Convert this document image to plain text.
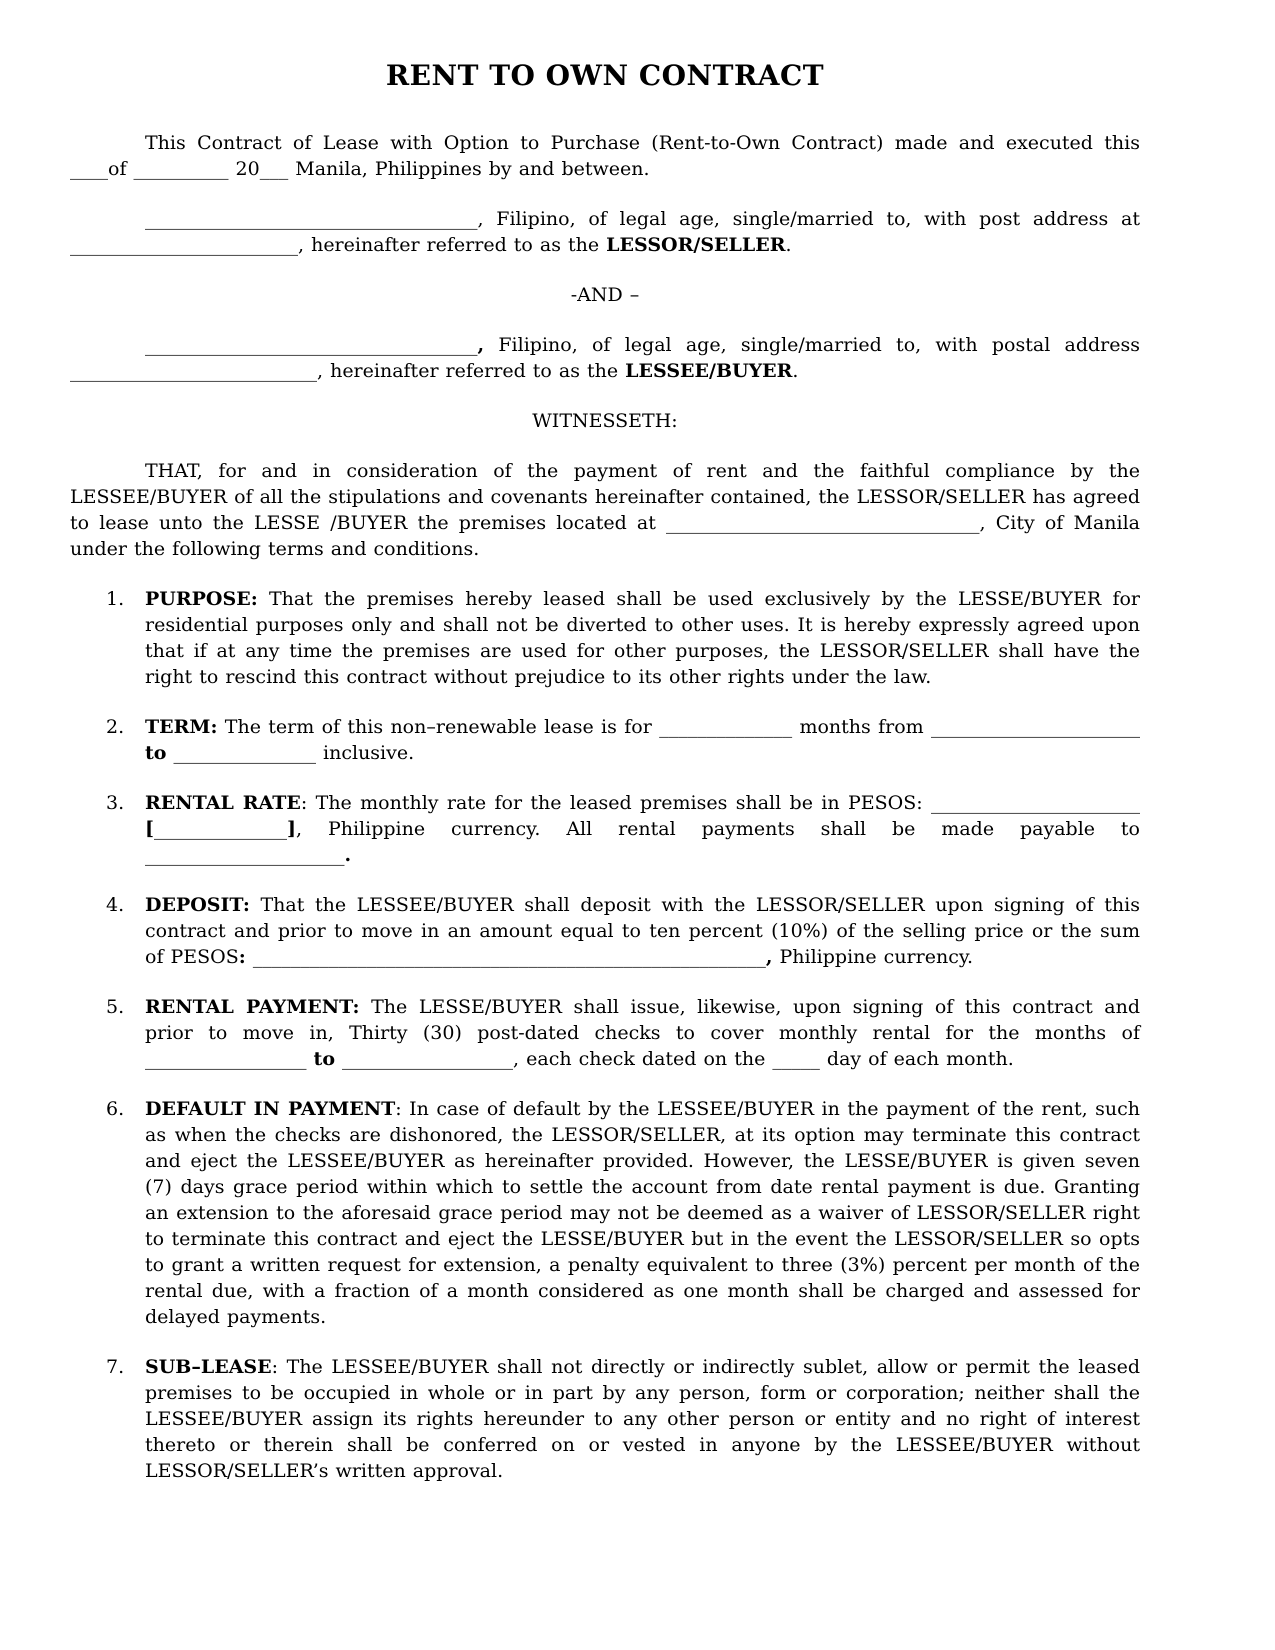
RENT TO OWN CONTRACT

This Contract of Lease with Option to Purchase (Rent-to-Own Contract) made and executed this ____of __________ 20___ Manila, Philippines by and between.

___________________________________, Filipino, of legal age, single/married to, with post address at ________________________, hereinafter referred to as the LESSOR/SELLER.

-AND –

___________________________________, Filipino, of legal age, single/married to, with postal address __________________________, hereinafter referred to as the LESSEE/BUYER.

WITNESSETH:

THAT, for and in consideration of the payment of rent and the faithful compliance by the LESSEE/BUYER of all the stipulations and covenants hereinafter contained, the LESSOR/SELLER has agreed to lease unto the LESSE /BUYER the premises located at _________________________________, City of Manila under the following terms and conditions.

1. PURPOSE: That the premises hereby leased shall be used exclusively by the LESSE/BUYER for residential purposes only and shall not be diverted to other uses. It is hereby expressly agreed upon that if at any time the premises are used for other purposes, the LESSOR/SELLER shall have the right to rescind this contract without prejudice to its other rights under the law.
2. TERM: The term of this non–renewable lease is for ______________ months from ______________________ to _______________ inclusive.
3. RENTAL RATE: The monthly rate for the leased premises shall be in PESOS: ______________________ [______________], Philippine currency. All rental payments shall be made payable to _____________________.
4. DEPOSIT: That the LESSEE/BUYER shall deposit with the LESSOR/SELLER upon signing of this contract and prior to move in an amount equal to ten percent (10%) of the selling price or the sum of PESOS: ______________________________________________________, Philippine currency.
5. RENTAL PAYMENT: The LESSE/BUYER shall issue, likewise, upon signing of this contract and prior to move in, Thirty (30) post-dated checks to cover monthly rental for the months of _________________ to __________________, each check dated on the _____ day of each month.
6. DEFAULT IN PAYMENT: In case of default by the LESSEE/BUYER in the payment of the rent, such as when the checks are dishonored, the LESSOR/SELLER, at its option may terminate this contract and eject the LESSEE/BUYER as hereinafter provided. However, the LESSE/BUYER is given seven (7) days grace period within which to settle the account from date rental payment is due. Granting an extension to the aforesaid grace period may not be deemed as a waiver of LESSOR/SELLER right to terminate this contract and eject the LESSE/BUYER but in the event the LESSOR/SELLER so opts to grant a written request for extension, a penalty equivalent to three (3%) percent per month of the rental due, with a fraction of a month considered as one month shall be charged and assessed for delayed payments.
7. SUB–LEASE: The LESSEE/BUYER shall not directly or indirectly sublet, allow or permit the leased premises to be occupied in whole or in part by any person, form or corporation; neither shall the LESSEE/BUYER assign its rights hereunder to any other person or entity and no right of interest thereto or therein shall be conferred on or vested in anyone by the LESSEE/BUYER without LESSOR/SELLER’s written approval.
